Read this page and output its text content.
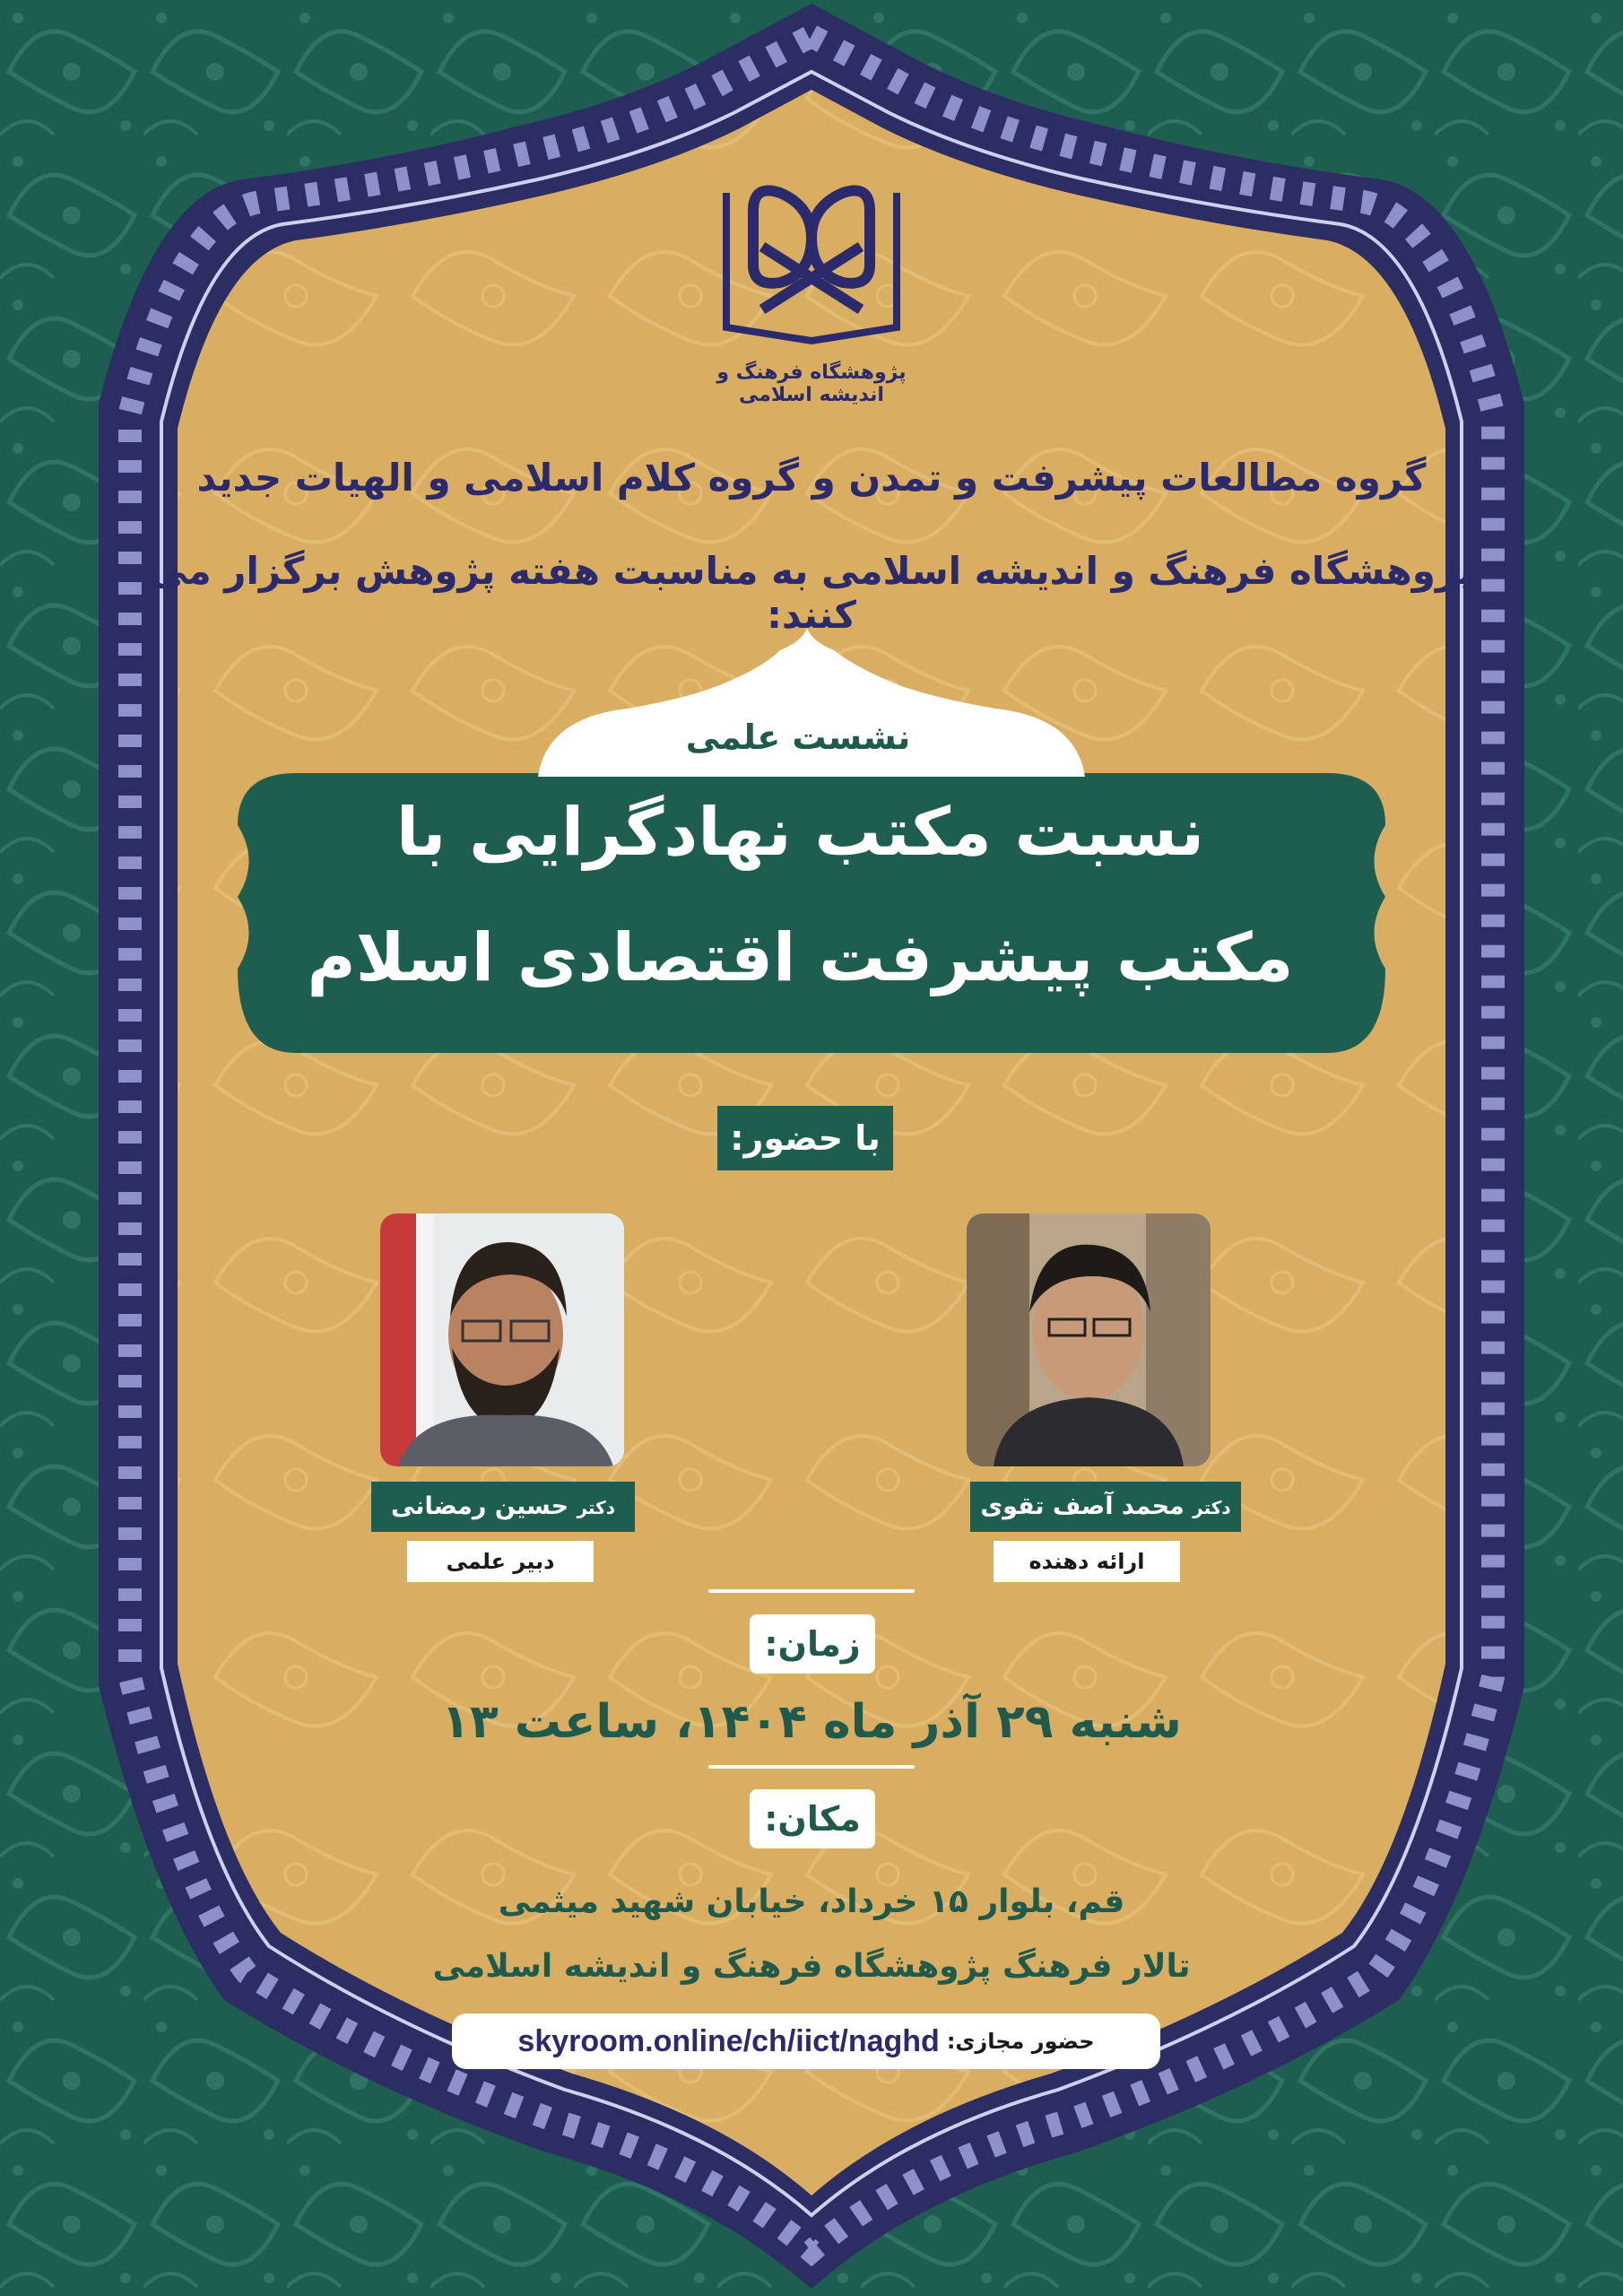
پژوهشگاه فرهنگ و اندیشه اسلامی
گروه مطالعات پیشرفت و تمدن و گروه کلام اسلامی و الهیات جدید
پژوهشگاه فرهنگ و اندیشه اسلامی به مناسبت هفته پژوهش برگزار می کنند:
نشست علمی
نسبت مکتب نهادگرایی با
مکتب پیشرفت اقتصادی اسلام
با حضور:
دکتر محمد آصف تقوی
ارائه دهنده
دکتر حسین رمضانی
دبیر علمی
زمان:
شنبه ۲۹ آذر ماه ۱۴۰۴، ساعت ۱۳
مکان:
قم، بلوار ۱۵ خرداد، خیابان شهید میثمی
تالار فرهنگ پژوهشگاه فرهنگ و اندیشه اسلامی
skyroom.online/ch/iict/naghd حضور مجازی:
